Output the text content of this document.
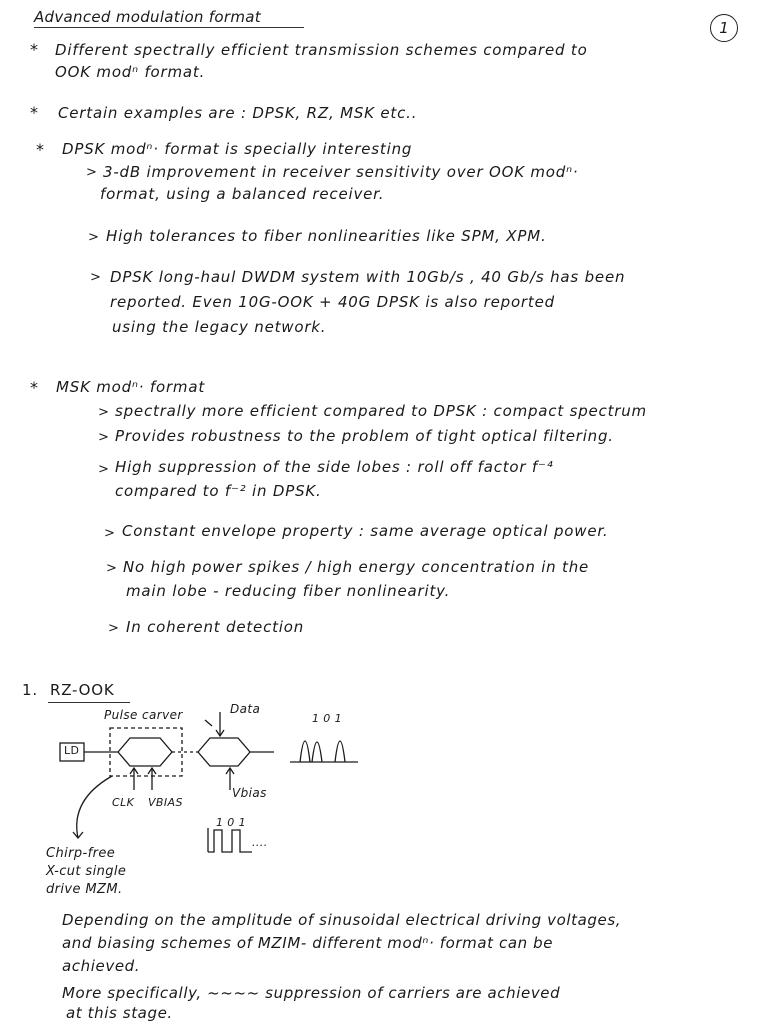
Advanced modulation format
1
* Different spectrally efficient transmission schemes compared to
OOK modⁿ format.
* Certain examples are : DPSK, RZ, MSK etc..
* DPSK modⁿ· format is specially interesting
> 3-dB improvement in receiver sensitivity over OOK modⁿ·
format, using a balanced receiver.
> High tolerances to fiber nonlinearities like SPM, XPM.
> DPSK long-haul DWDM system with 10Gb/s , 40 Gb/s has been
reported. Even 10G-OOK + 40G DPSK is also reported
using the legacy network.
* MSK modⁿ· format
> spectrally more efficient compared to DPSK : compact spectrum
> Provides robustness to the problem of tight optical filtering.
> High suppression of the side lobes : roll off factor f⁻⁴
compared to f⁻² in DPSK.
> Constant envelope property : same average optical power.
> No high power spikes / high energy concentration in the
main lobe - reducing fiber nonlinearity.
> In coherent detection
1. RZ-OOK
Pulse carver	Data
LD
CLK VBIAS
Vbias
1 0 1
1 0 1
....
Chirp-free
X-cut single
drive MZM.
Depending on the amplitude of sinusoidal electrical driving voltages,
and biasing schemes of MZIM- different modⁿ· format can be
achieved.
More specifically, ~~~~ suppression of carriers are achieved
at this stage.
